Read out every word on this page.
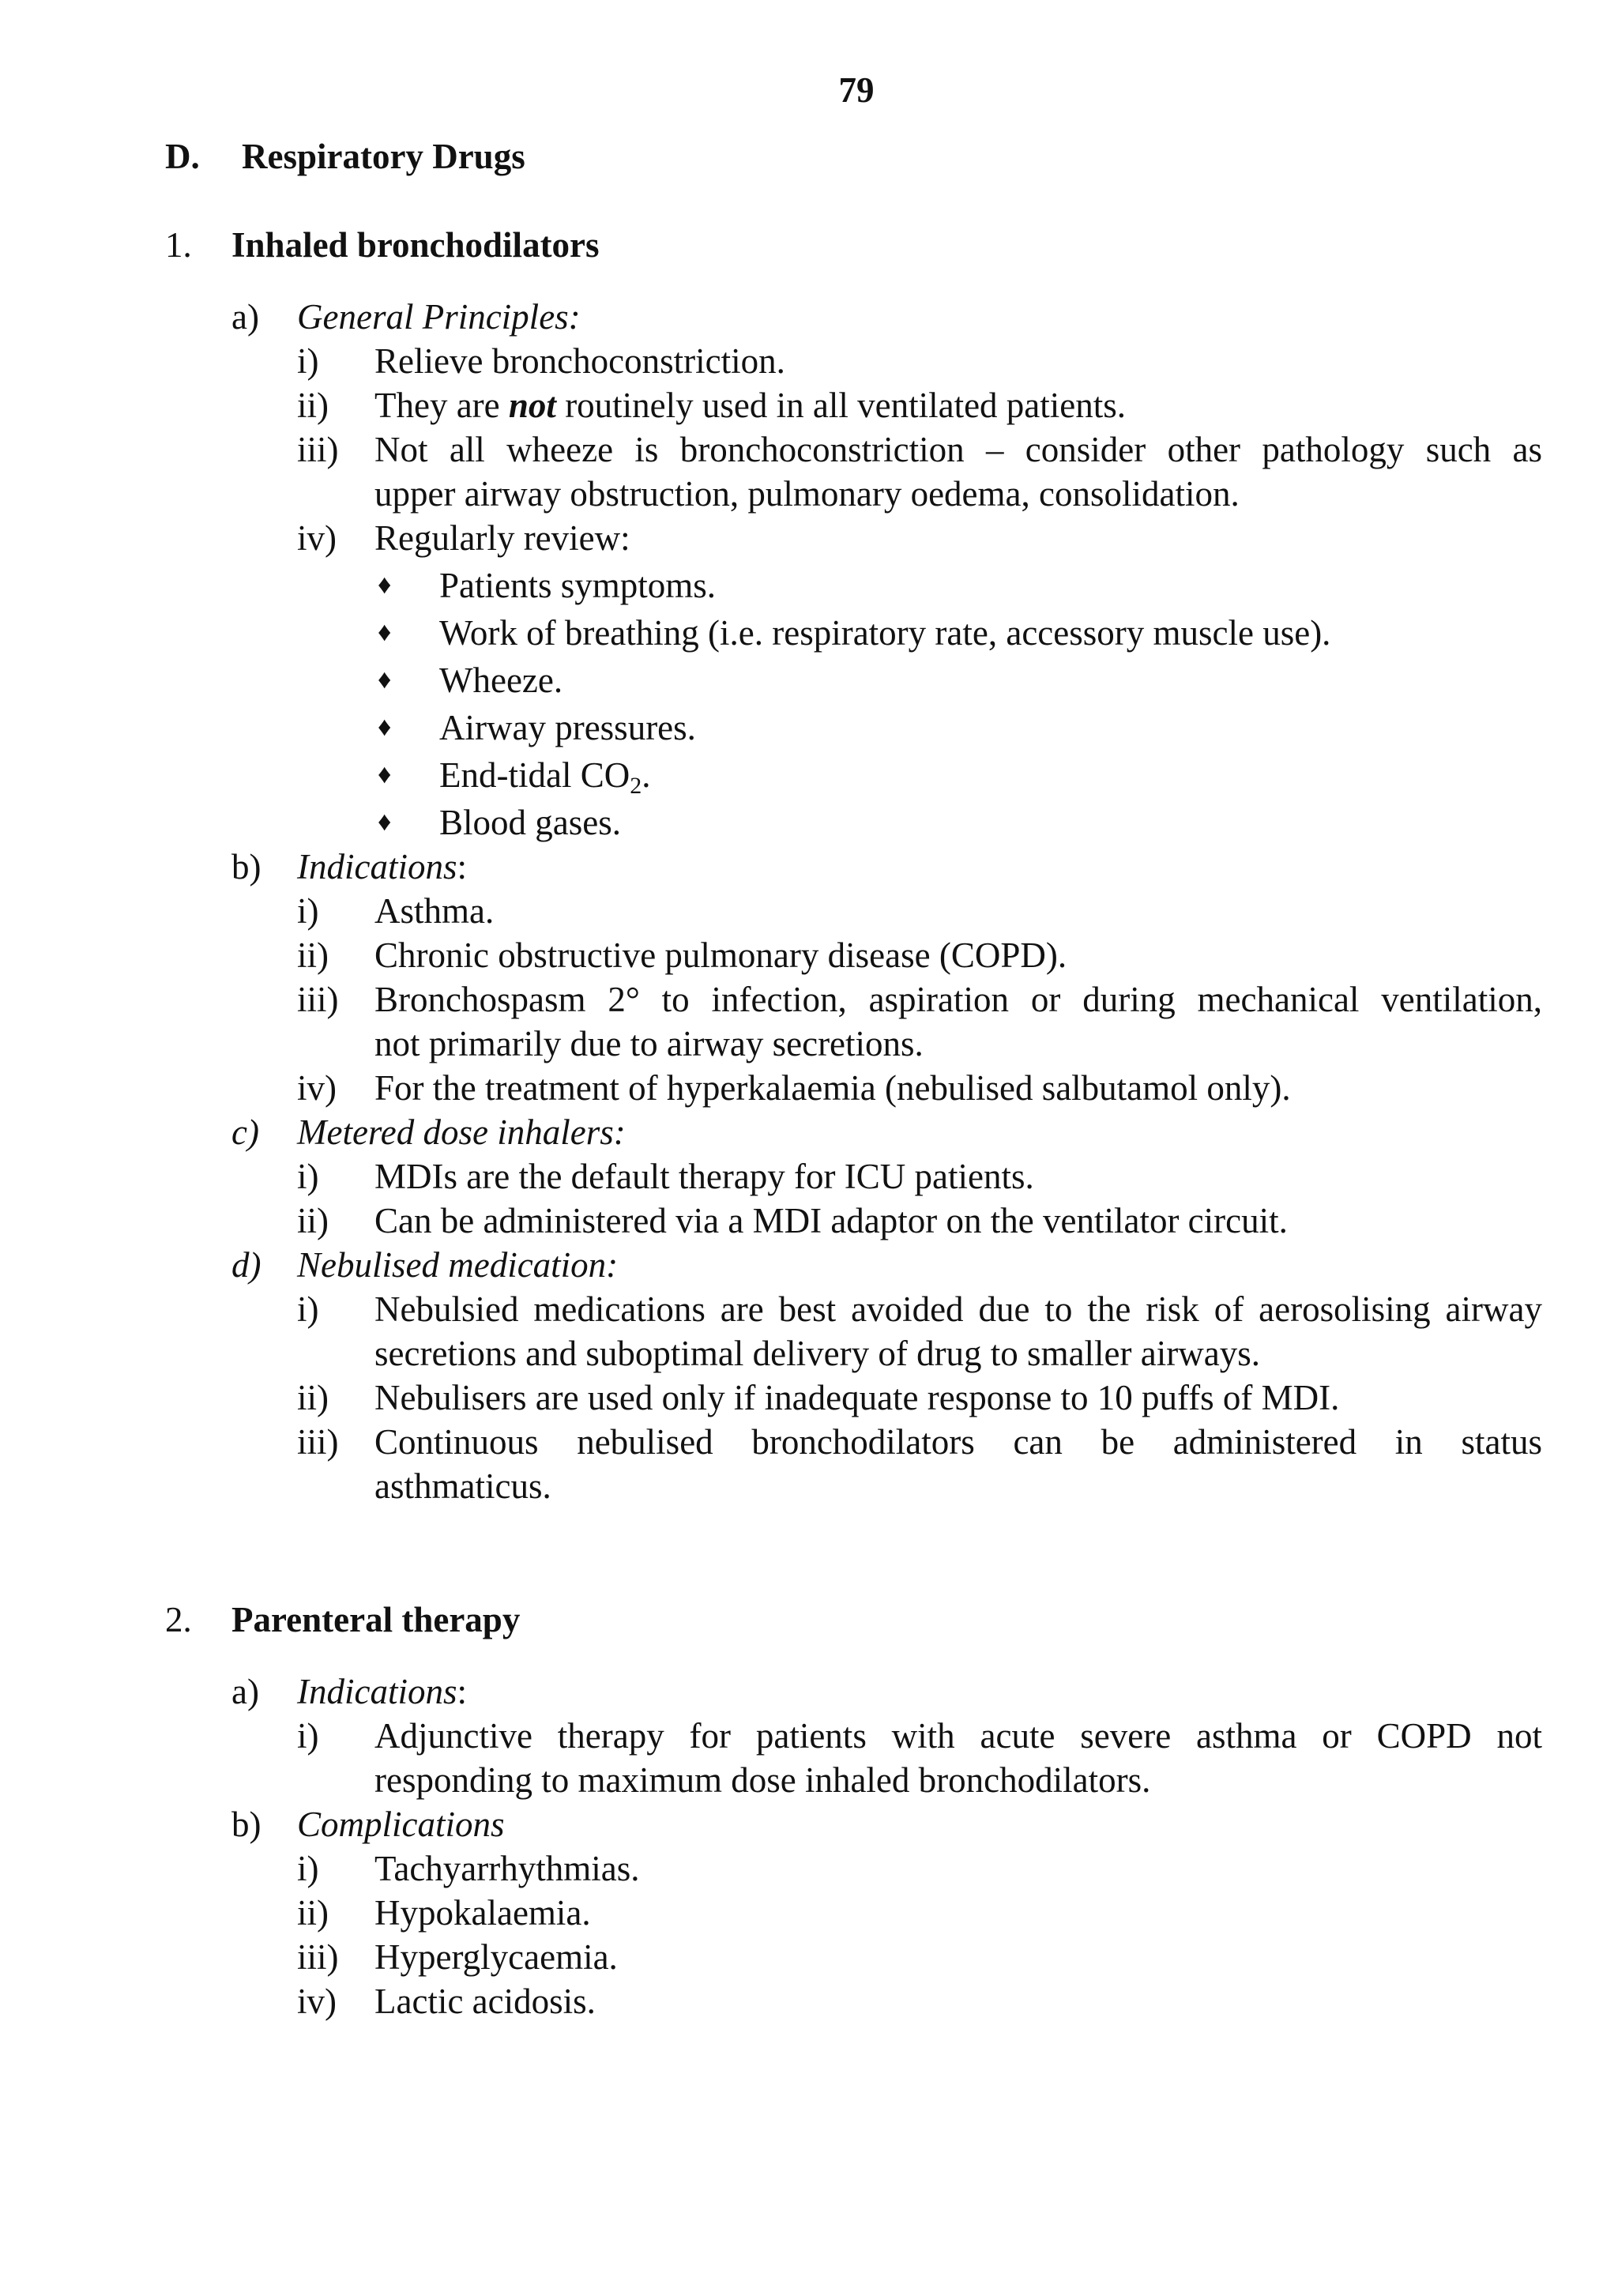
79
D. Respiratory Drugs
1. Inhaled bronchodilators
a) General Principles:
i) Relieve bronchoconstriction.
ii) They are not routinely used in all ventilated patients.
iii) Not all wheeze is bronchoconstriction – consider other pathology such as
upper airway obstruction, pulmonary oedema, consolidation.
iv) Regularly review:
♦ Patients symptoms.
♦ Work of breathing (i.e. respiratory rate, accessory muscle use).
♦ Wheeze.
♦ Airway pressures.
♦ End-tidal $CO_2$.
♦ Blood gases.
b) Indications:
i) Asthma.
ii) Chronic obstructive pulmonary disease (COPD).
iii) Bronchospasm 2° to infection, aspiration or during mechanical ventilation,
not primarily due to airway secretions.
iv) For the treatment of hyperkalaemia (nebulised salbutamol only).
c) Metered dose inhalers:
i) MDIs are the default therapy for ICU patients.
ii) Can be administered via a MDI adaptor on the ventilator circuit.
d) Nebulised medication:
i) Nebulsied medications are best avoided due to the risk of aerosolising airway
secretions and suboptimal delivery of drug to smaller airways.
ii) Nebulisers are used only if inadequate response to 10 puffs of MDI.
iii) Continuous nebulised bronchodilators can be administered in status
asthmaticus.
2. Parenteral therapy
a) Indications:
i) Adjunctive therapy for patients with acute severe asthma or COPD not
responding to maximum dose inhaled bronchodilators.
b) Complications
i) Tachyarrhythmias.
ii) Hypokalaemia.
iii) Hyperglycaemia.
iv) Lactic acidosis.
